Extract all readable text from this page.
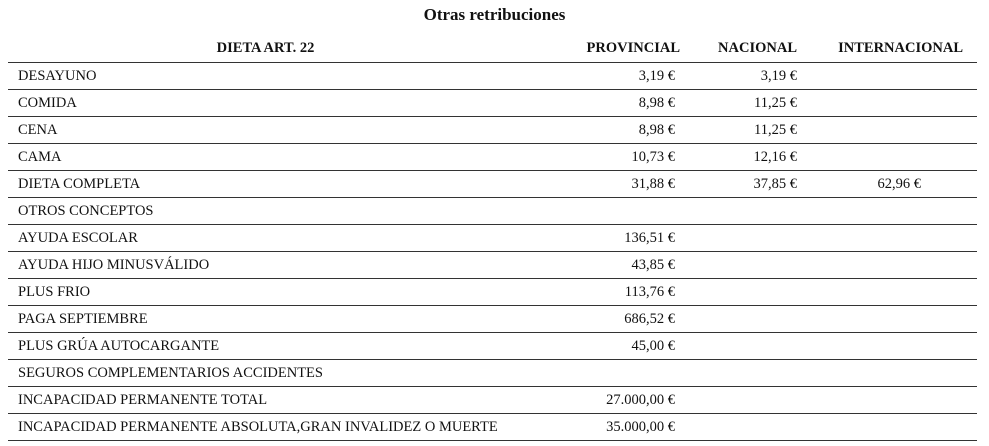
Otras retribuciones
DIETA ART. 22	PROVINCIAL	NACIONAL	INTERNACIONAL
DESAYUNO	3,19 €	3,19 €	
COMIDA	8,98 €	11,25 €	
CENA	8,98 €	11,25 €	
CAMA	10,73 €	12,16 €	
DIETA COMPLETA	31,88 €	37,85 €	62,96 €
OTROS CONCEPTOS			
AYUDA ESCOLAR	136,51 €		
AYUDA HIJO MINUSVÁLIDO	43,85 €		
PLUS FRIO	113,76 €		
PAGA SEPTIEMBRE	686,52 €		
PLUS GRÚA AUTOCARGANTE	45,00 €		
SEGUROS COMPLEMENTARIOS ACCIDENTES			
INCAPACIDAD PERMANENTE TOTAL	27.000,00 €		
INCAPACIDAD PERMANENTE ABSOLUTA,GRAN INVALIDEZ O MUERTE	35.000,00 €		
